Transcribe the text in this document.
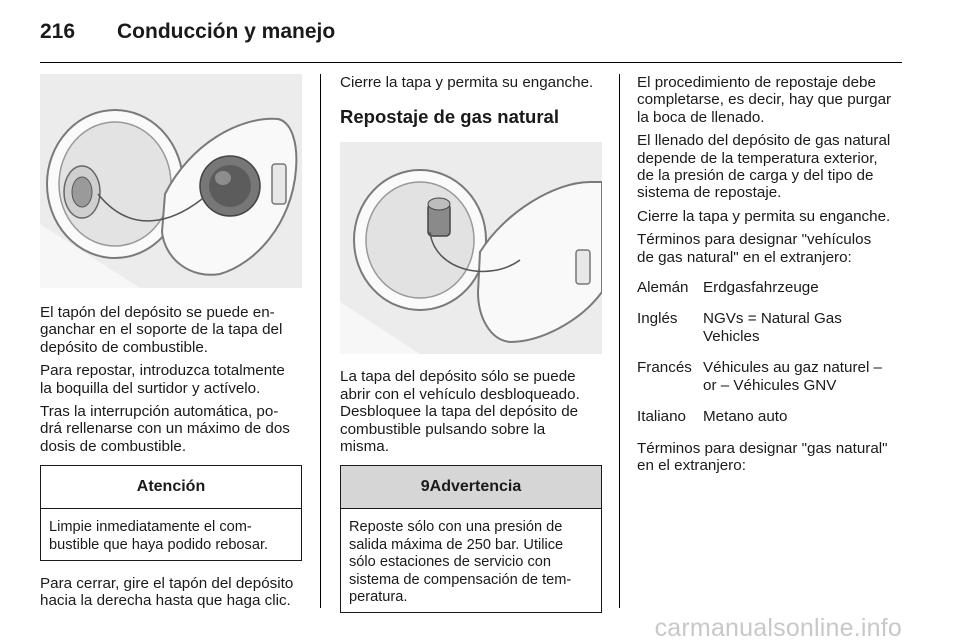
216 Conducción y manejo

El tapón del depósito se puede en-
ganchar en el soporte de la tapa del
depósito de combustible.

Para repostar, introduzca totalmente
la boquilla del surtidor y actívelo.

Tras la interrupción automática, po-
drá rellenarse con un máximo de dos
dosis de combustible.

Atención
Limpie inmediatamente el com-
bustible que haya podido rebosar.

Para cerrar, gire el tapón del depósito
hacia la derecha hasta que haga clic.

Cierre la tapa y permita su enganche.

Repostaje de gas natural

La tapa del depósito sólo se puede
abrir con el vehículo desbloqueado.
Desbloquee la tapa del depósito de
combustible pulsando sobre la
misma.

9Advertencia
Reposte sólo con una presión de
salida máxima de 250 bar. Utilice
sólo estaciones de servicio con
sistema de compensación de tem-
peratura.

El procedimiento de repostaje debe
completarse, es decir, hay que purgar
la boca de llenado.

El llenado del depósito de gas natural
depende de la temperatura exterior,
de la presión de carga y del tipo de
sistema de repostaje.

Cierre la tapa y permita su enganche.

Términos para designar "vehículos
de gas natural" en el extranjero:

Alemán	Erdgasfahrzeuge
Inglés	NGVs = Natural Gas
Vehicles
Francés	Véhicules au gaz naturel –
or – Véhicules GNV
Italiano	Metano auto

Términos para designar "gas natural"
en el extranjero:

carmanualsonline.info
